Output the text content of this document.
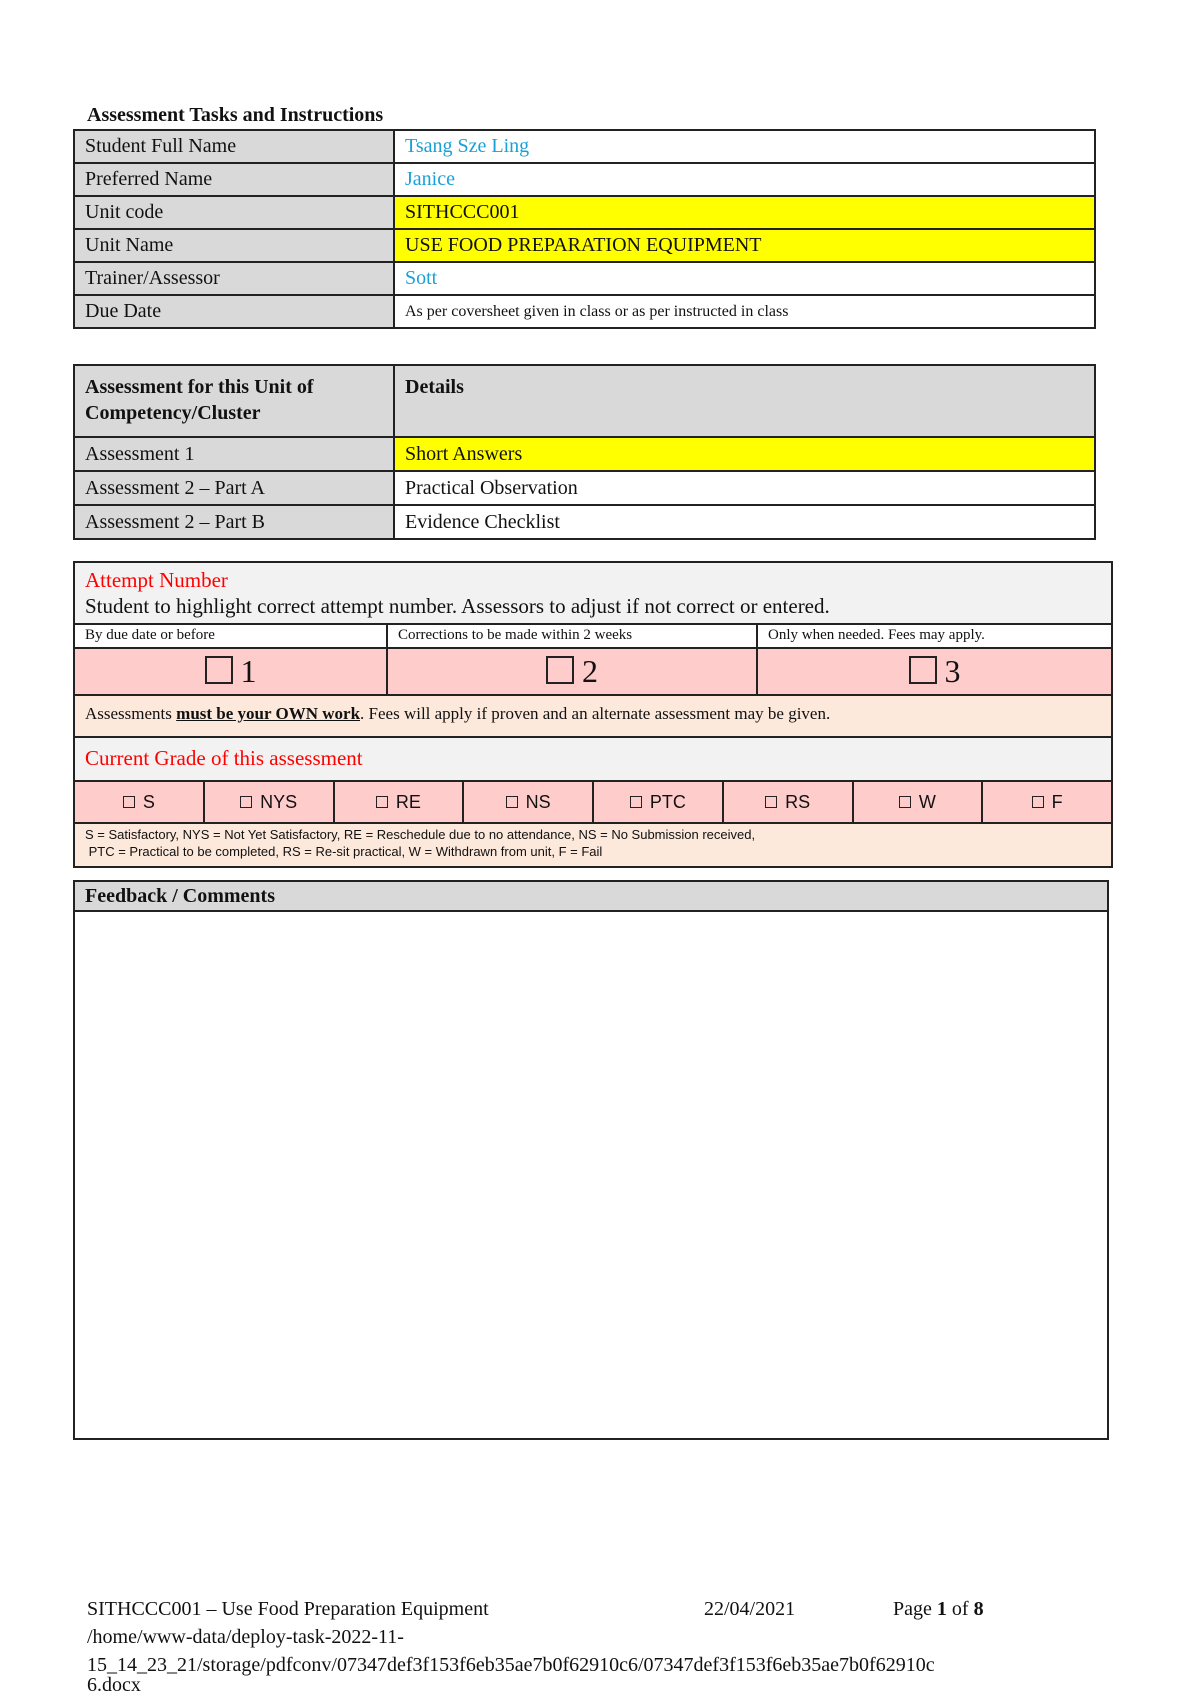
Assessment Tasks and Instructions
Student Full Name	Tsang Sze Ling
Preferred Name	Janice
Unit code	SITHCCC001
Unit Name	USE FOOD PREPARATION EQUIPMENT
Trainer/Assessor	Sott
Due Date	As per coversheet given in class or as per instructed in class
Assessment for this Unit of Competency/Cluster	Details
Assessment 1	Short Answers
Assessment 2 – Part A	Practical Observation
Assessment 2 – Part B	Evidence Checklist
Attempt Number
Student to highlight correct attempt number. Assessors to adjust if not correct or entered.
By due date or before	Corrections to be made within 2 weeks	Only when needed. Fees may apply.
1	2	3
Assessments must be your OWN work. Fees will apply if proven and an alternate assessment may be given.
Current Grade of this assessment
S	NYS	RE	NS	PTC	RS	W	F
S = Satisfactory, NYS = Not Yet Satisfactory, RE = Reschedule due to no attendance, NS = No Submission received,
PTC = Practical to be completed, RS = Re-sit practical, W = Withdrawn from unit, F = Fail
Feedback / Comments
SITHCCC001 – Use Food Preparation Equipment	22/04/2021	Page 1 of 8
/home/www-data/deploy-task-2022-11-
15_14_23_21/storage/pdfconv/07347def3f153f6eb35ae7b0f62910c6/07347def3f153f6eb35ae7b0f62910c
6.docx
